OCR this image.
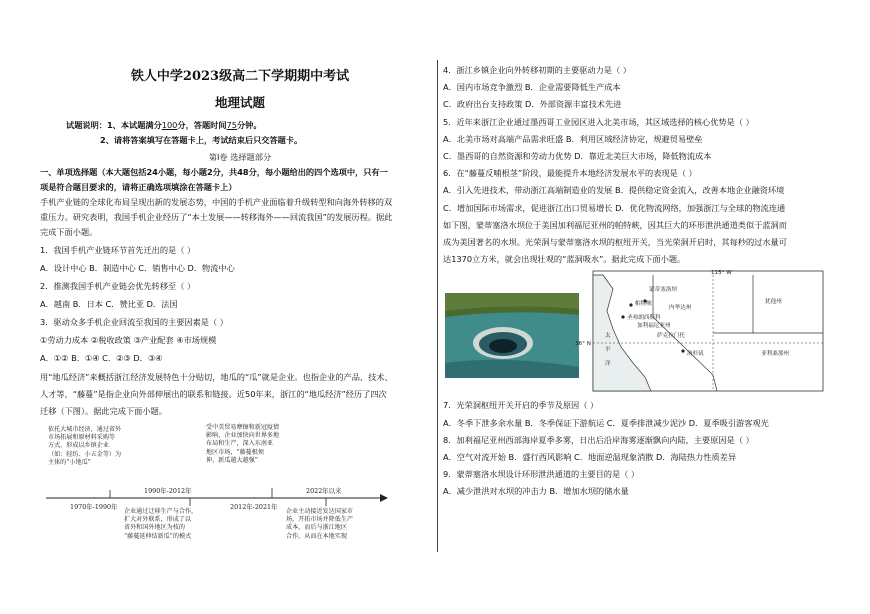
铁人中学2023级高二下学期期中考试
地理试题
试题说明：1、本试题满分100分，答题时间75分钟。
2、请将答案填写在答题卡上，考试结束后只交答题卡。
第Ⅰ卷 选择题部分
一、单项选择题（本大题包括24小题，每小题2分，共48分，每小题给出的四个选项中，只有一
项是符合题目要求的，请将正确选项填涂在答题卡上）
手机产业链的全球化布局呈现出新的发展态势，中国的手机产业面临着升级转型和向海外转移的双
重压力。研究表明，我国手机企业经历了“本土发展——转移海外——回流我国”的发展历程。据此
完成下面小题。
1．我国手机产业链环节首先迁出的是（ ）
A．设计中心 B．制造中心 C．销售中心 D．物流中心
2．推测我国手机产业链会优先转移至（ ）
A．越南 B．日本 C．赞比亚 D．法国
3．驱动众多手机企业回流至我国的主要因素是（ ）
①劳动力成本 ②税收政策 ③产业配套 ④市场规模
A．①② B．①④ C．②③ D．③④
用“地瓜经济”来概括浙江经济发展特色十分贴切，地瓜的“瓜”就是企业。也指企业的产品、技术、
人才等，“藤蔓”是指企业向外部伸展出的联系和链接。近50年来，浙江的“地瓜经济”经历了四次
迁移（下图）。据此完成下面小题。
依托大城市经济，通过省外
市场拓展和原材料采购等
方式，形成以乡镇企业
（如：轻纺、小五金等）为
主体的“小地瓜”
企业通过迁移生产与合作，
扩大对外联系，形成了以
省外和国外地区为枝的
“藤蔓延伸结新瓜”的模式
受中美贸易摩擦和新冠疫情
影响，企业加快向世界多地
布局和生产，深入东南亚
地区市场，“藤蔓根须
伸，新瓜越大越强”
企业主动接近发达国家市
场，开拓市场并降低生产
成本，而后与浙江地区
合作，从而在本地实现
1970年-1990年
1990年-2012年
2012年-2021年
2022年以来
4．浙江乡镇企业向外转移初期的主要驱动力是（ ）
A．国内市场竞争激烈 B．企业需要降低生产成本
C．政府出台支持政策 D．外部资源丰富技术先进
5．近年来浙江企业通过墨西哥工业园区进入北美市场，其区域选择的核心优势是（ ）
A．北美市场对高端产品需求旺盛 B．利用区域经济协定，规避贸易壁垒
C．墨西哥的自然资源和劳动力优势 D．靠近北美巨大市场，降低物流成本
6．在“藤蔓反哺根茎”阶段，最能提升本地经济发展水平的表现是（ ）
A．引入先进技术，带动浙江高端制造业的发展 B．提供稳定资金流入，改善本地企业融资环境
C．增加国际市场需求，促进浙江出口贸易增长 D．优化物流网络，加强浙江与全球的物流连通
如下图，蒙蒂塞洛水坝位于美国加利福尼亚州的帕特峡，因其巨大的环形泄洪通道类似于蓝洞而
成为美国著名的水坝。光荣洞与蒙蒂塞洛水坝的枢纽开关，当光荣洞开启时，其每秒的过水量可
达1370立方米，就会出现壮观的“蓝洞吸水”。据此完成下面小题。
115° W
36° N
加利福尼亚州
内华达州
犹他州
亚利桑那州
太
平
洋
蒙蒂塞洛坝
帕特峡
萨克拉门托
圣弗朗西斯科
洛杉矶
7．光荣洞枢纽开关开启的季节及原因（ ）
A．冬季下泄多余水量 B．冬季保证下游航运 C．夏季排泄减少泥沙 D．夏季吸引游客观光
8．加利福尼亚州西部海岸夏季多雾，日出后沿岸海雾逐渐飘向内陆，主要原因是（ ）
A．空气对流开始 B．盛行西风影响 C．地面逆温现象消散 D．海陆热力性质差异
9．蒙蒂塞洛水坝设计环形泄洪通道的主要目的是（ ）
A．减少泄洪对水坝的冲击力 B．增加水坝的储水量
